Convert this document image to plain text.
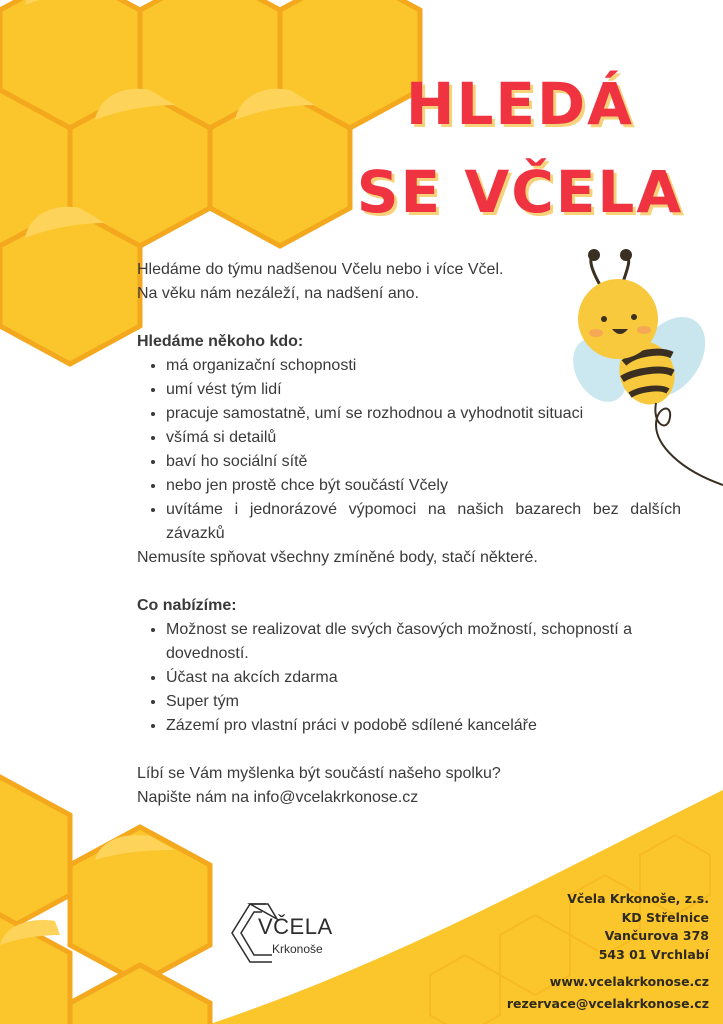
HLEDÁ
SE VČELA

Hledáme do týmu nadšenou Včelu nebo i více Včel.

Na věku nám nezáleží, na nadšení ano.

Hledáme někoho kdo:

• má organizační schopnosti
• umí vést tým lidí
• pracuje samostatně, umí se rozhodnou a vyhodnotit situaci
• všímá si detailů
• baví ho sociální sítě
• nebo jen prostě chce být součástí Včely
• uvítáme i jednorázové výpomoci na našich bazarech bez dalších závazků

Nemusíte spňovat všechny zmíněné body, stačí některé.

Co nabízíme:

• Možnost se realizovat dle svých časových možností, schopností a dovedností.
• Účast na akcích zdarma
• Super tým
• Zázemí pro vlastní práci v podobě sdílené kanceláře

Líbí se Vám myšlenka být součástí našeho spolku?

Napište nám na info@vcelakrkonose.cz

VČELA
Krkonoše
Včela Krkonoše, z.s.
KD Střelnice
Vančurova 378
543 01 Vrchlabí
www.vcelakrkonose.cz
rezervace@vcelakrkonose.cz
